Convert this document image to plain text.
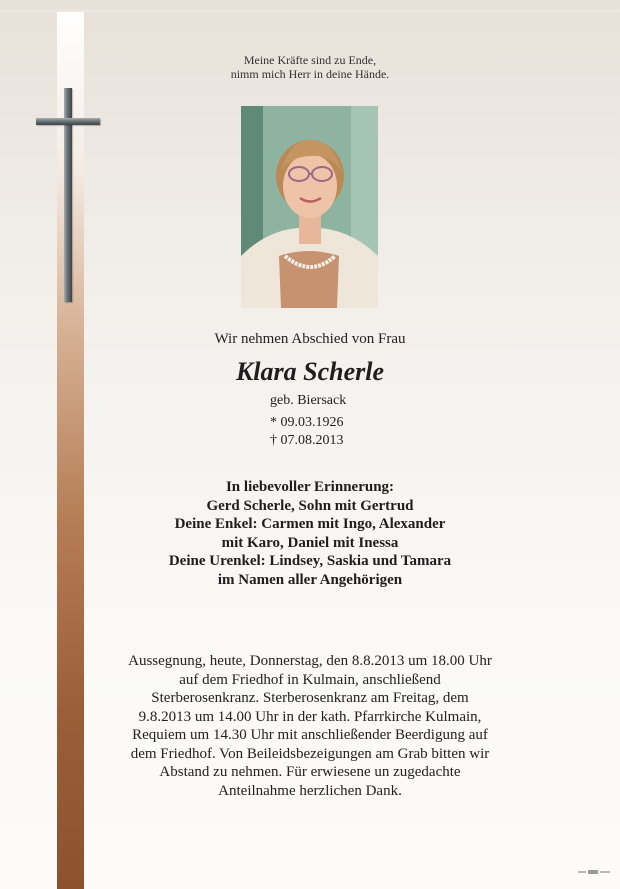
Meine Kräfte sind zu Ende,
nimm mich Herr in deine Hände.
Wir nehmen Abschied von Frau
Klara Scherle
geb. Biersack
* 09.03.1926
† 07.08.2013
In liebevoller Erinnerung:
Gerd Scherle, Sohn mit Gertrud
Deine Enkel: Carmen mit Ingo, Alexander
mit Karo, Daniel mit Inessa
Deine Urenkel: Lindsey, Saskia und Tamara
im Namen aller Angehörigen
Aussegnung, heute, Donnerstag, den 8.8.2013 um 18.00 Uhr
auf dem Friedhof in Kulmain, anschließend
Sterberosenkranz. Sterberosenkranz am Freitag, dem
9.8.2013 um 14.00 Uhr in der kath. Pfarrkirche Kulmain,
Requiem um 14.30 Uhr mit anschließender Beerdigung auf
dem Friedhof. Von Beileidsbezeigungen am Grab bitten wir
Abstand zu nehmen. Für erwiesene un zugedachte
Anteilnahme herzlichen Dank.
